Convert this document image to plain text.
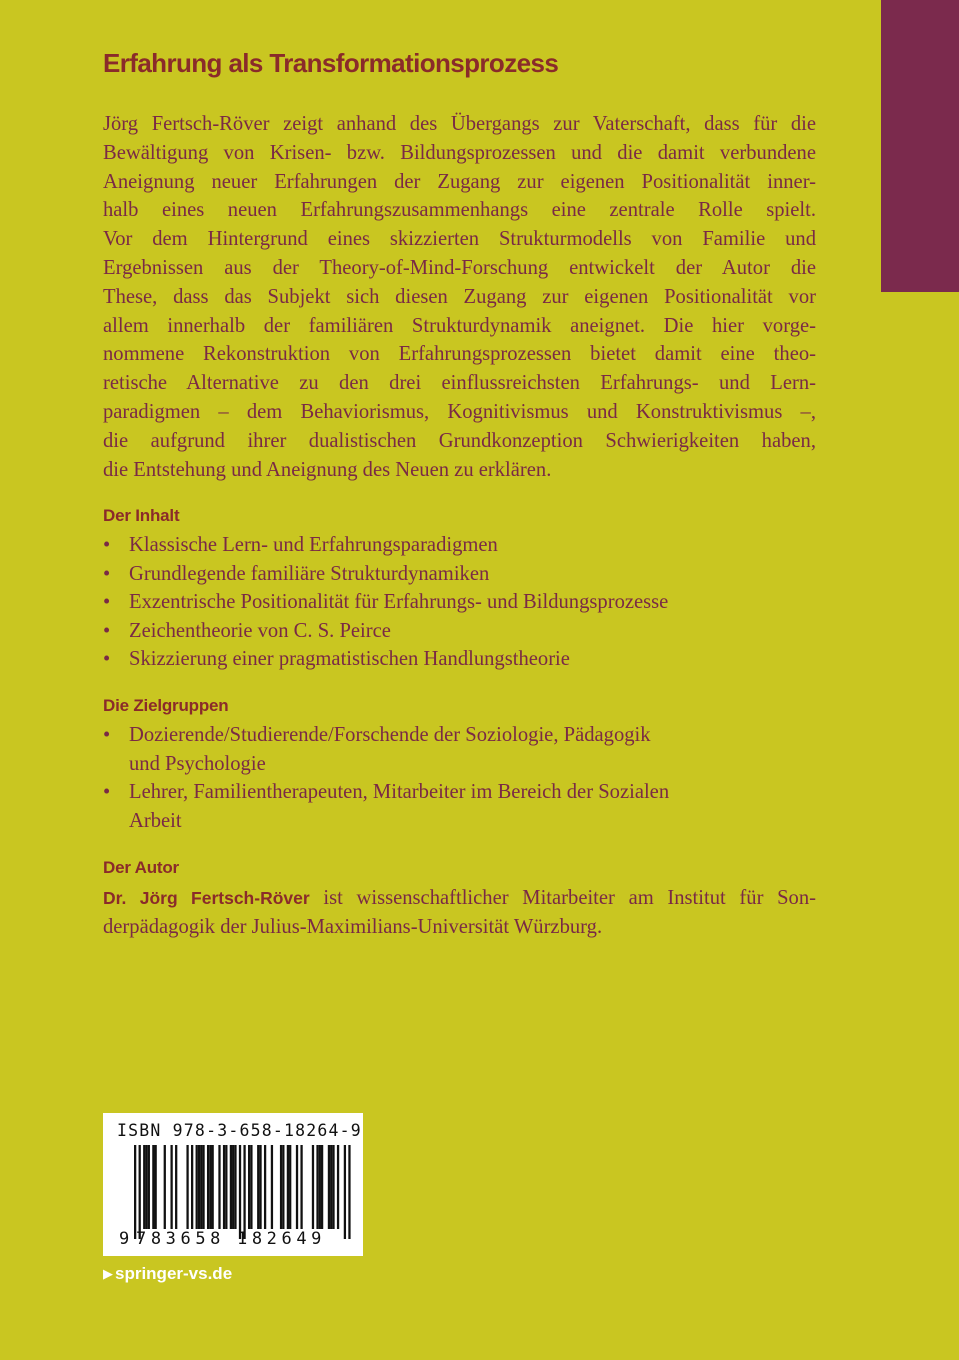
Erfahrung als Transformationsprozess
Jörg Fertsch-Röver zeigt anhand des Übergangs zur Vaterschaft, dass für die
Bewältigung von Krisen- bzw. Bildungsprozessen und die damit verbundene
Aneignung neuer Erfahrungen der Zugang zur eigenen Positionalität inner-
halb eines neuen Erfahrungszusammenhangs eine zentrale Rolle spielt.
Vor dem Hintergrund eines skizzierten Strukturmodells von Familie und
Ergebnissen aus der Theory-of-Mind-Forschung entwickelt der Autor die
These, dass das Subjekt sich diesen Zugang zur eigenen Positionalität vor
allem innerhalb der familiären Strukturdynamik aneignet. Die hier vorge-
nommene Rekonstruktion von Erfahrungsprozessen bietet damit eine theo-
retische Alternative zu den drei einflussreichsten Erfahrungs- und Lern-
paradigmen – dem Behaviorismus, Kognitivismus und Konstruktivismus –,
die aufgrund ihrer dualistischen Grundkonzeption Schwierigkeiten haben,
die Entstehung und Aneignung des Neuen zu erklären.
Der Inhalt
• Klassische Lern- und Erfahrungsparadigmen
• Grundlegende familiäre Strukturdynamiken
• Exzentrische Positionalität für Erfahrungs- und Bildungsprozesse
• Zeichentheorie von C. S. Peirce
• Skizzierung einer pragmatistischen Handlungstheorie
Die Zielgruppen
• Dozierende/Studierende/Forschende der Soziologie, Pädagogik
und Psychologie
• Lehrer, Familientherapeuten, Mitarbeiter im Bereich der Sozialen
Arbeit
Der Autor
Dr. Jörg Fertsch-Röver ist wissenschaftlicher Mitarbeiter am Institut für Son-
derpädagogik der Julius-Maximilians-Universität Würzburg.
ISBN 978-3-658-18264-9
9 783658 182649
▶ springer-vs.de
